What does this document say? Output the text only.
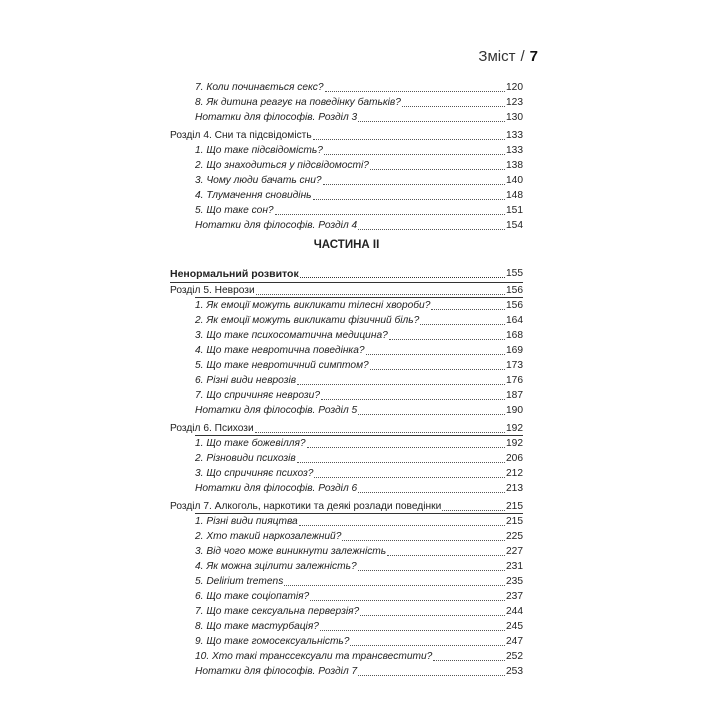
Зміст / 7
7. Коли починається секс?	120
8. Як дитина реагує на поведінку батьків?	123
Нотатки для філософів. Розділ 3	130
Розділ 4. Сни та підсвідомість	133
1. Що таке підсвідомість?	133
2. Що знаходиться у підсвідомості?	138
3. Чому люди бачать сни?	140
4. Тлумачення сновидінь	148
5. Що таке сон?	151
Нотатки для філософів. Розділ 4	154
ЧАСТИНА II
Ненормальний розвиток	155
Розділ 5. Неврози	156
1. Як емоції можуть викликати тілесні хвороби?	156
2. Як емоції можуть викликати фізичний біль?	164
3. Що таке психосоматична медицина?	168
4. Що таке невротична поведінка?	169
5. Що таке невротичний симптом?	173
6. Різні види неврозів	176
7. Що спричиняє неврози?	187
Нотатки для філософів. Розділ 5	190
Розділ 6. Психози	192
1. Що таке божевілля?	192
2. Різновиди психозів	206
3. Що спричиняє психоз?	212
Нотатки для філософів. Розділ 6	213
Розділ 7. Алкоголь, наркотики та деякі розлади поведінки	215
1. Різні види пияцтва	215
2. Хто такий наркозалежний?	225
3. Від чого може виникнути залежність	227
4. Як можна зцілити залежність?	231
5. Delirium tremens	235
6. Що таке соціопатія?	237
7. Що таке сексуальна перверзія?	244
8. Що таке мастурбація?	245
9. Що таке гомосексуальність?	247
10. Хто такі транссексуали та трансвестити?	252
Нотатки для філософів. Розділ 7	253
